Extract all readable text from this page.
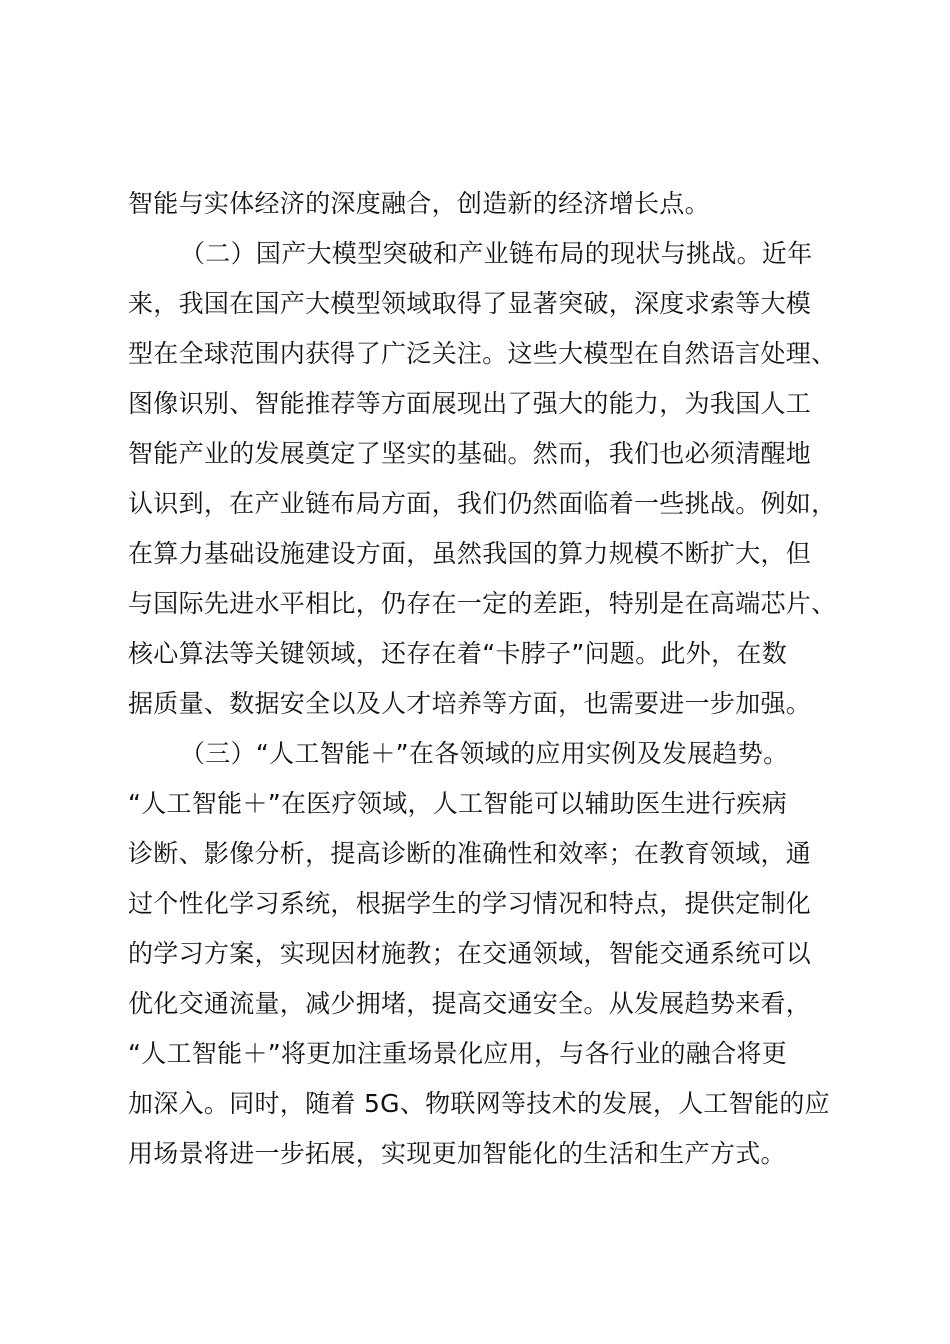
智能与实体经济的深度融合，创造新的经济增长点。
（二）国产大模型突破和产业链布局的现状与挑战。近年
来，我国在国产大模型领域取得了显著突破，深度求索等大模
型在全球范围内获得了广泛关注。这些大模型在自然语言处理、
图像识别、智能推荐等方面展现出了强大的能力，为我国人工
智能产业的发展奠定了坚实的基础。然而，我们也必须清醒地
认识到，在产业链布局方面，我们仍然面临着一些挑战。例如，
在算力基础设施建设方面，虽然我国的算力规模不断扩大，但
与国际先进水平相比，仍存在一定的差距，特别是在高端芯片、
核心算法等关键领域，还存在着“卡脖子”问题。此外，在数
据质量、数据安全以及人才培养等方面，也需要进一步加强。
（三）“人工智能＋”在各领域的应用实例及发展趋势。
“人工智能＋”在医疗领域，人工智能可以辅助医生进行疾病
诊断、影像分析，提高诊断的准确性和效率；在教育领域，通
过个性化学习系统，根据学生的学习情况和特点，提供定制化
的学习方案，实现因材施教；在交通领域，智能交通系统可以
优化交通流量，减少拥堵，提高交通安全。从发展趋势来看，
“人工智能＋”将更加注重场景化应用，与各行业的融合将更
加深入。同时，随着 5G、物联网等技术的发展，人工智能的应
用场景将进一步拓展，实现更加智能化的生活和生产方式。
